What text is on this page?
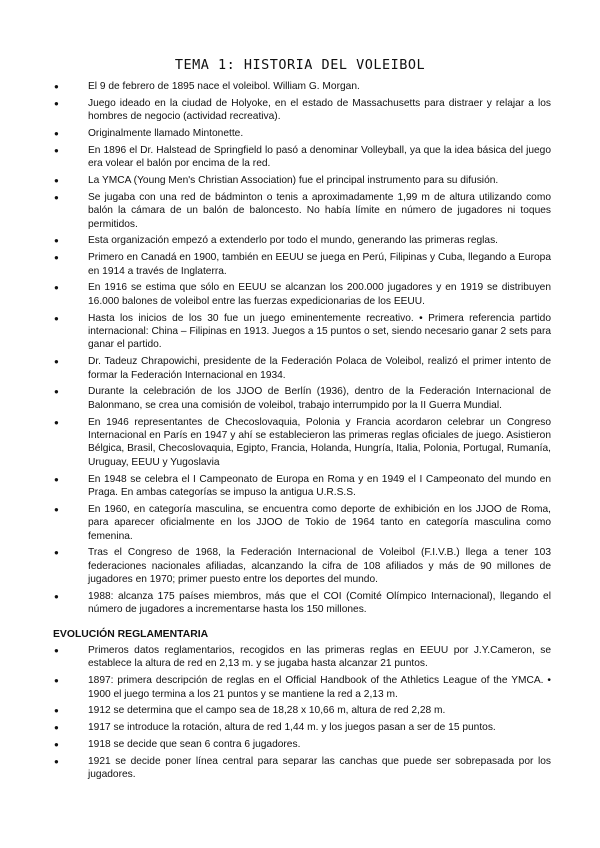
TEMA 1: HISTORIA DEL VOLEIBOL
●	El 9 de febrero de 1895 nace el voleibol. William G. Morgan.
●	Juego ideado en la ciudad de Holyoke, en el estado de Massachusetts para distraer y relajar a los hombres de negocio (actividad recreativa).
●	Originalmente llamado Mintonette.
●	En 1896 el Dr. Halstead de Springfield lo pasó a denominar Volleyball, ya que la idea básica del juego era volear el balón por encima de la red.
●	La YMCA (Young Men's Christian Association) fue el principal instrumento para su difusión.
●	Se jugaba con una red de bádminton o tenis a aproximadamente 1,99 m de altura utilizando como balón la cámara de un balón de baloncesto. No había límite en número de jugadores ni toques permitidos.
●	Esta organización empezó a extenderlo por todo el mundo, generando las primeras reglas.
●	Primero en Canadá en 1900, también en EEUU se juega en Perú, Filipinas y Cuba, llegando a Europa en 1914 a través de Inglaterra.
●	En 1916 se estima que sólo en EEUU se alcanzan los 200.000 jugadores y en 1919 se distribuyen 16.000 balones de voleibol entre las fuerzas expedicionarias de los EEUU.
●	Hasta los inicios de los 30 fue un juego eminentemente recreativo. • Primera referencia partido internacional: China – Filipinas en 1913. Juegos a 15 puntos o set, siendo necesario ganar 2 sets para ganar el partido.
●	Dr. Tadeuz Chrapowichi, presidente de la Federación Polaca de Voleibol, realizó el primer intento de formar la Federación Internacional en 1934.
●	Durante la celebración de los JJOO de Berlín (1936), dentro de la Federación Internacional de Balonmano, se crea una comisión de voleibol, trabajo interrumpido por la II Guerra Mundial.
●	En 1946 representantes de Checoslovaquia, Polonia y Francia acordaron celebrar un Congreso Internacional en París en 1947 y ahí se establecieron las primeras reglas oficiales de juego. Asistieron Bélgica, Brasil, Checoslovaquia, Egipto, Francia, Holanda, Hungría, Italia, Polonia, Portugal, Rumanía, Uruguay, EEUU y Yugoslavia
●	En 1948 se celebra el I Campeonato de Europa en Roma y en 1949 el I Campeonato del mundo en Praga. En ambas categorías se impuso la antigua U.R.S.S.
●	En 1960, en categoría masculina, se encuentra como deporte de exhibición en los JJOO de Roma, para aparecer oficialmente en los JJOO de Tokio de 1964 tanto en categoría masculina como femenina.
●	Tras el Congreso de 1968, la Federación Internacional de Voleibol (F.I.V.B.) llega a tener 103 federaciones nacionales afiliadas, alcanzando la cifra de 108 afiliados y más de 90 millones de jugadores en 1970; primer puesto entre los deportes del mundo.
●	1988: alcanza 175 países miembros, más que el COI (Comité Olímpico Internacional), llegando el número de jugadores a incrementarse hasta los 150 millones.
EVOLUCIÓN REGLAMENTARIA
●	Primeros datos reglamentarios, recogidos en las primeras reglas en EEUU por J.Y.Cameron, se establece la altura de red en 2,13 m. y se jugaba hasta alcanzar 21 puntos.
●	1897: primera descripción de reglas en el Official Handbook of the Athletics League of the YMCA. • 1900 el juego termina a los 21 puntos y se mantiene la red a 2,13 m.
●	1912 se determina que el campo sea de 18,28 x 10,66 m, altura de red 2,28 m.
●	1917 se introduce la rotación, altura de red 1,44 m. y los juegos pasan a ser de 15 puntos.
●	1918 se decide que sean 6 contra 6 jugadores.
●	1921 se decide poner línea central para separar las canchas que puede ser sobrepasada por los jugadores.
